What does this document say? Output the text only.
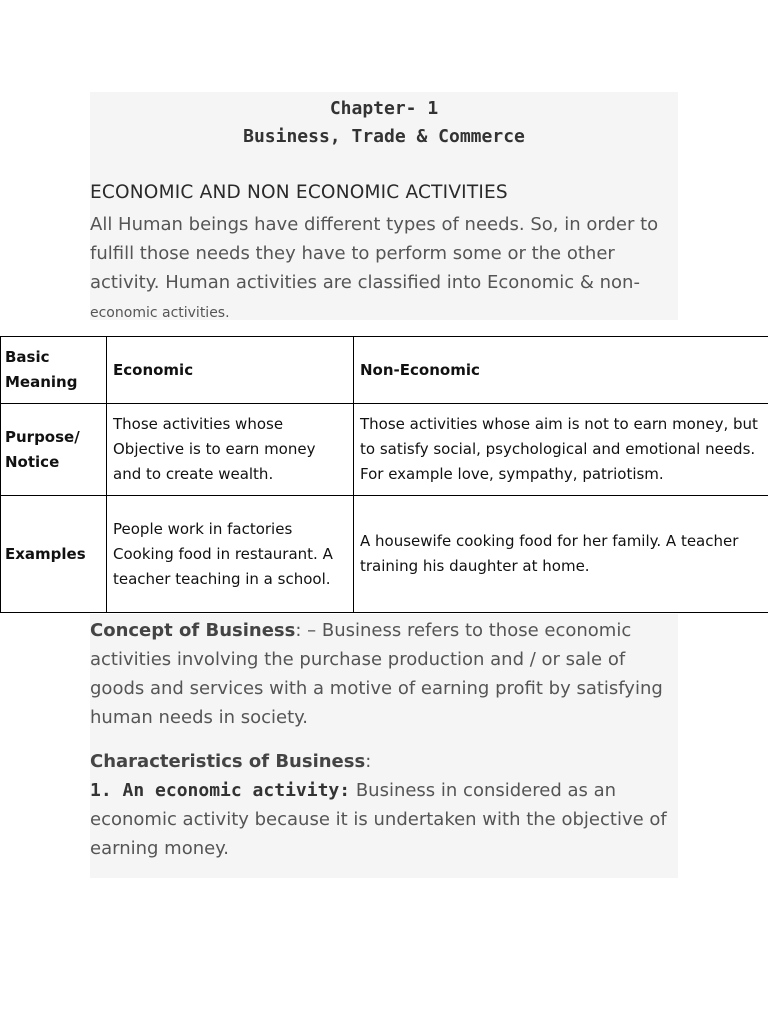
Chapter- 1
Business, Trade & Commerce
ECONOMIC AND NON ECONOMIC ACTIVITIES
All Human beings have different types of needs. So, in order to fulfill those needs they have to perform some or the other activity. Human activities are classified into Economic & non-
economic activities.
Basic Meaning	Economic	Non-Economic
Purpose/ Notice	Those activities whose Objective is to earn money and to create wealth.	Those activities whose aim is not to earn money, but to satisfy social, psychological and emotional needs. For example love, sympathy, patriotism.
Examples	People work in factories Cooking food in restaurant. A teacher teaching in a school.	A housewife cooking food for her family. A teacher training his daughter at home.
Concept of Business: – Business refers to those economic activities involving the purchase production and / or sale of goods and services with a motive of earning profit by satisfying human needs in society.
Characteristics of Business:
1. An economic activity: Business in considered as an economic activity because it is undertaken with the objective of earning money.
